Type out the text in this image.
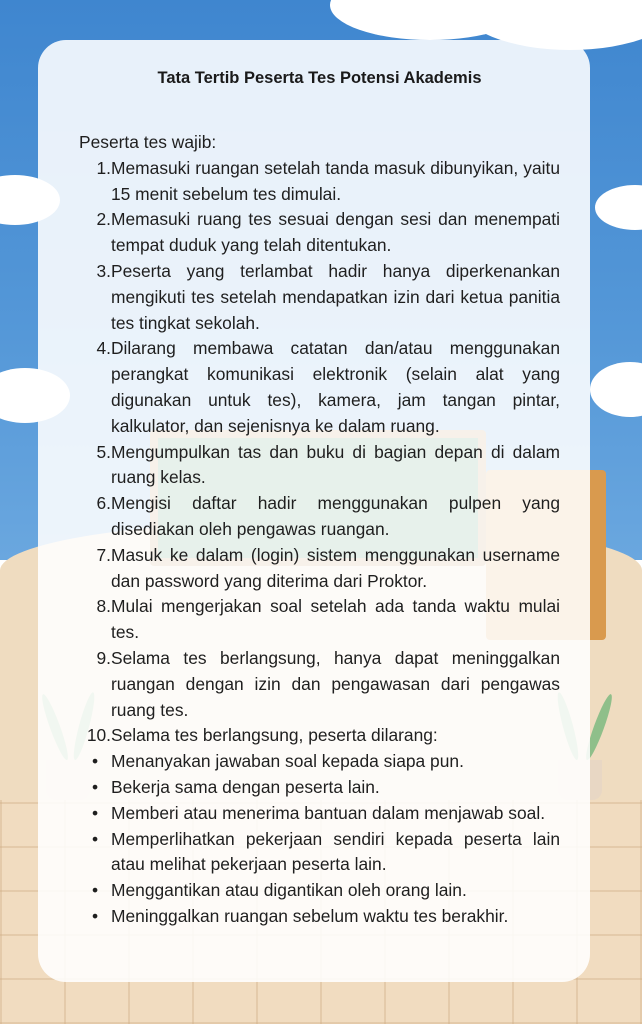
Tata Tertib Peserta Tes Potensi Akademis

Peserta tes wajib:

1. Memasuki ruangan setelah tanda masuk dibunyikan, yaitu 15 menit sebelum tes dimulai.
2. Memasuki ruang tes sesuai dengan sesi dan menempati tempat duduk yang telah ditentukan.
3. Peserta yang terlambat hadir hanya diperkenankan mengikuti tes setelah mendapatkan izin dari ketua panitia tes tingkat sekolah.
4. Dilarang membawa catatan dan/atau menggunakan perangkat komunikasi elektronik (selain alat yang digunakan untuk tes), kamera, jam tangan pintar, kalkulator, dan sejenisnya ke dalam ruang.
5. Mengumpulkan tas dan buku di bagian depan di dalam ruang kelas.
6. Mengisi daftar hadir menggunakan pulpen yang disediakan oleh pengawas ruangan.
7. Masuk ke dalam (login) sistem menggunakan username dan password yang diterima dari Proktor.
8. Mulai mengerjakan soal setelah ada tanda waktu mulai tes.
9. Selama tes berlangsung, hanya dapat meninggalkan ruangan dengan izin dan pengawasan dari pengawas ruang tes.
10. Selama tes berlangsung, peserta dilarang:
• Menanyakan jawaban soal kepada siapa pun.
• Bekerja sama dengan peserta lain.
• Memberi atau menerima bantuan dalam menjawab soal.
• Memperlihatkan pekerjaan sendiri kepada peserta lain atau melihat pekerjaan peserta lain.
• Menggantikan atau digantikan oleh orang lain.
• Meninggalkan ruangan sebelum waktu tes berakhir.
